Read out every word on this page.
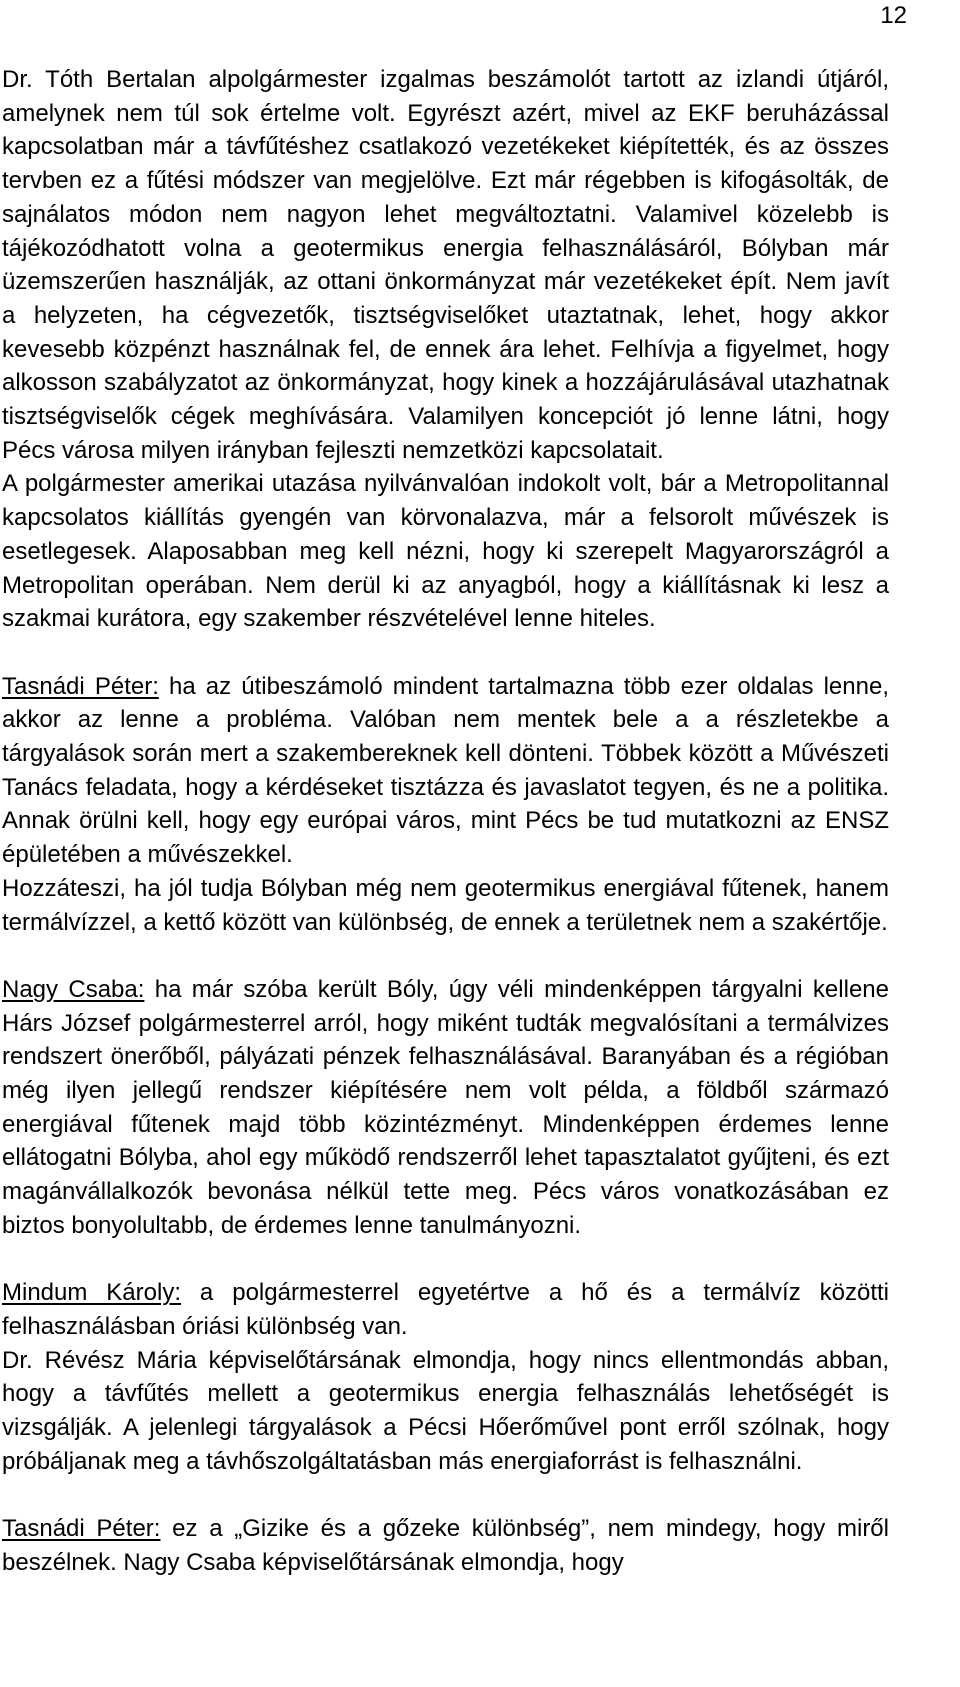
12

Dr. Tóth Bertalan alpolgármester izgalmas beszámolót tartott az izlandi útjáról, amelynek nem túl sok értelme volt. Egyrészt azért, mivel az EKF beruházással kapcsolatban már a távfűtéshez csatlakozó vezetékeket kiépítették, és az összes tervben ez a fűtési módszer van megjelölve. Ezt már régebben is kifogásolták, de sajnálatos módon nem nagyon lehet megváltoztatni. Valamivel közelebb is tájékozódhatott volna a geotermikus energia felhasználásáról, Bólyban már üzemszerűen használják, az ottani önkormányzat már vezetékeket épít. Nem javít a helyzeten, ha cégvezetők, tisztségviselőket utaztatnak, lehet, hogy akkor kevesebb közpénzt használnak fel, de ennek ára lehet. Felhívja a figyelmet, hogy alkosson szabályzatot az önkormányzat, hogy kinek a hozzájárulásával utazhatnak tisztségviselők cégek meghívására. Valamilyen koncepciót jó lenne látni, hogy Pécs városa milyen irányban fejleszti nemzetközi kapcsolatait.

A polgármester amerikai utazása nyilvánvalóan indokolt volt, bár a Metropolitannal kapcsolatos kiállítás gyengén van körvonalazva, már a felsorolt művészek is esetlegesek. Alaposabban meg kell nézni, hogy ki szerepelt Magyarországról a Metropolitan operában. Nem derül ki az anyagból, hogy a kiállításnak ki lesz a szakmai kurátora, egy szakember részvételével lenne hiteles.

Tasnádi Péter: ha az útibeszámoló mindent tartalmazna több ezer oldalas lenne, akkor az lenne a probléma. Valóban nem mentek bele a a részletekbe a tárgyalások során mert a szakembereknek kell dönteni. Többek között a Művészeti Tanács feladata, hogy a kérdéseket tisztázza és javaslatot tegyen, és ne a politika. Annak örülni kell, hogy egy európai város, mint Pécs be tud mutatkozni az ENSZ épületében a művészekkel.

Hozzáteszi, ha jól tudja Bólyban még nem geotermikus energiával fűtenek, hanem termálvízzel, a kettő között van különbség, de ennek a területnek nem a szakértője.

Nagy Csaba: ha már szóba került Bóly, úgy véli mindenképpen tárgyalni kellene Hárs József polgármesterrel arról, hogy miként tudták megvalósítani a termálvizes rendszert önerőből, pályázati pénzek felhasználásával. Baranyában és a régióban még ilyen jellegű rendszer kiépítésére nem volt példa, a földből származó energiával fűtenek majd több közintézményt. Mindenképpen érdemes lenne ellátogatni Bólyba, ahol egy működő rendszerről lehet tapasztalatot gyűjteni, és ezt magánvállalkozók bevonása nélkül tette meg. Pécs város vonatkozásában ez biztos bonyolultabb, de érdemes lenne tanulmányozni.

Mindum Károly: a polgármesterrel egyetértve a hő és a termálvíz közötti felhasználásban óriási különbség van.

Dr. Révész Mária képviselőtársának elmondja, hogy nincs ellentmondás abban, hogy a távfűtés mellett a geotermikus energia felhasználás lehetőségét is vizsgálják. A jelenlegi tárgyalások a Pécsi Hőerőművel pont erről szólnak, hogy próbáljanak meg a távhőszolgáltatásban más energiaforrást is felhasználni.

Tasnádi Péter: ez a „Gizike és a gőzeke különbség”, nem mindegy, hogy miről beszélnek. Nagy Csaba képviselőtársának elmondja, hogy
